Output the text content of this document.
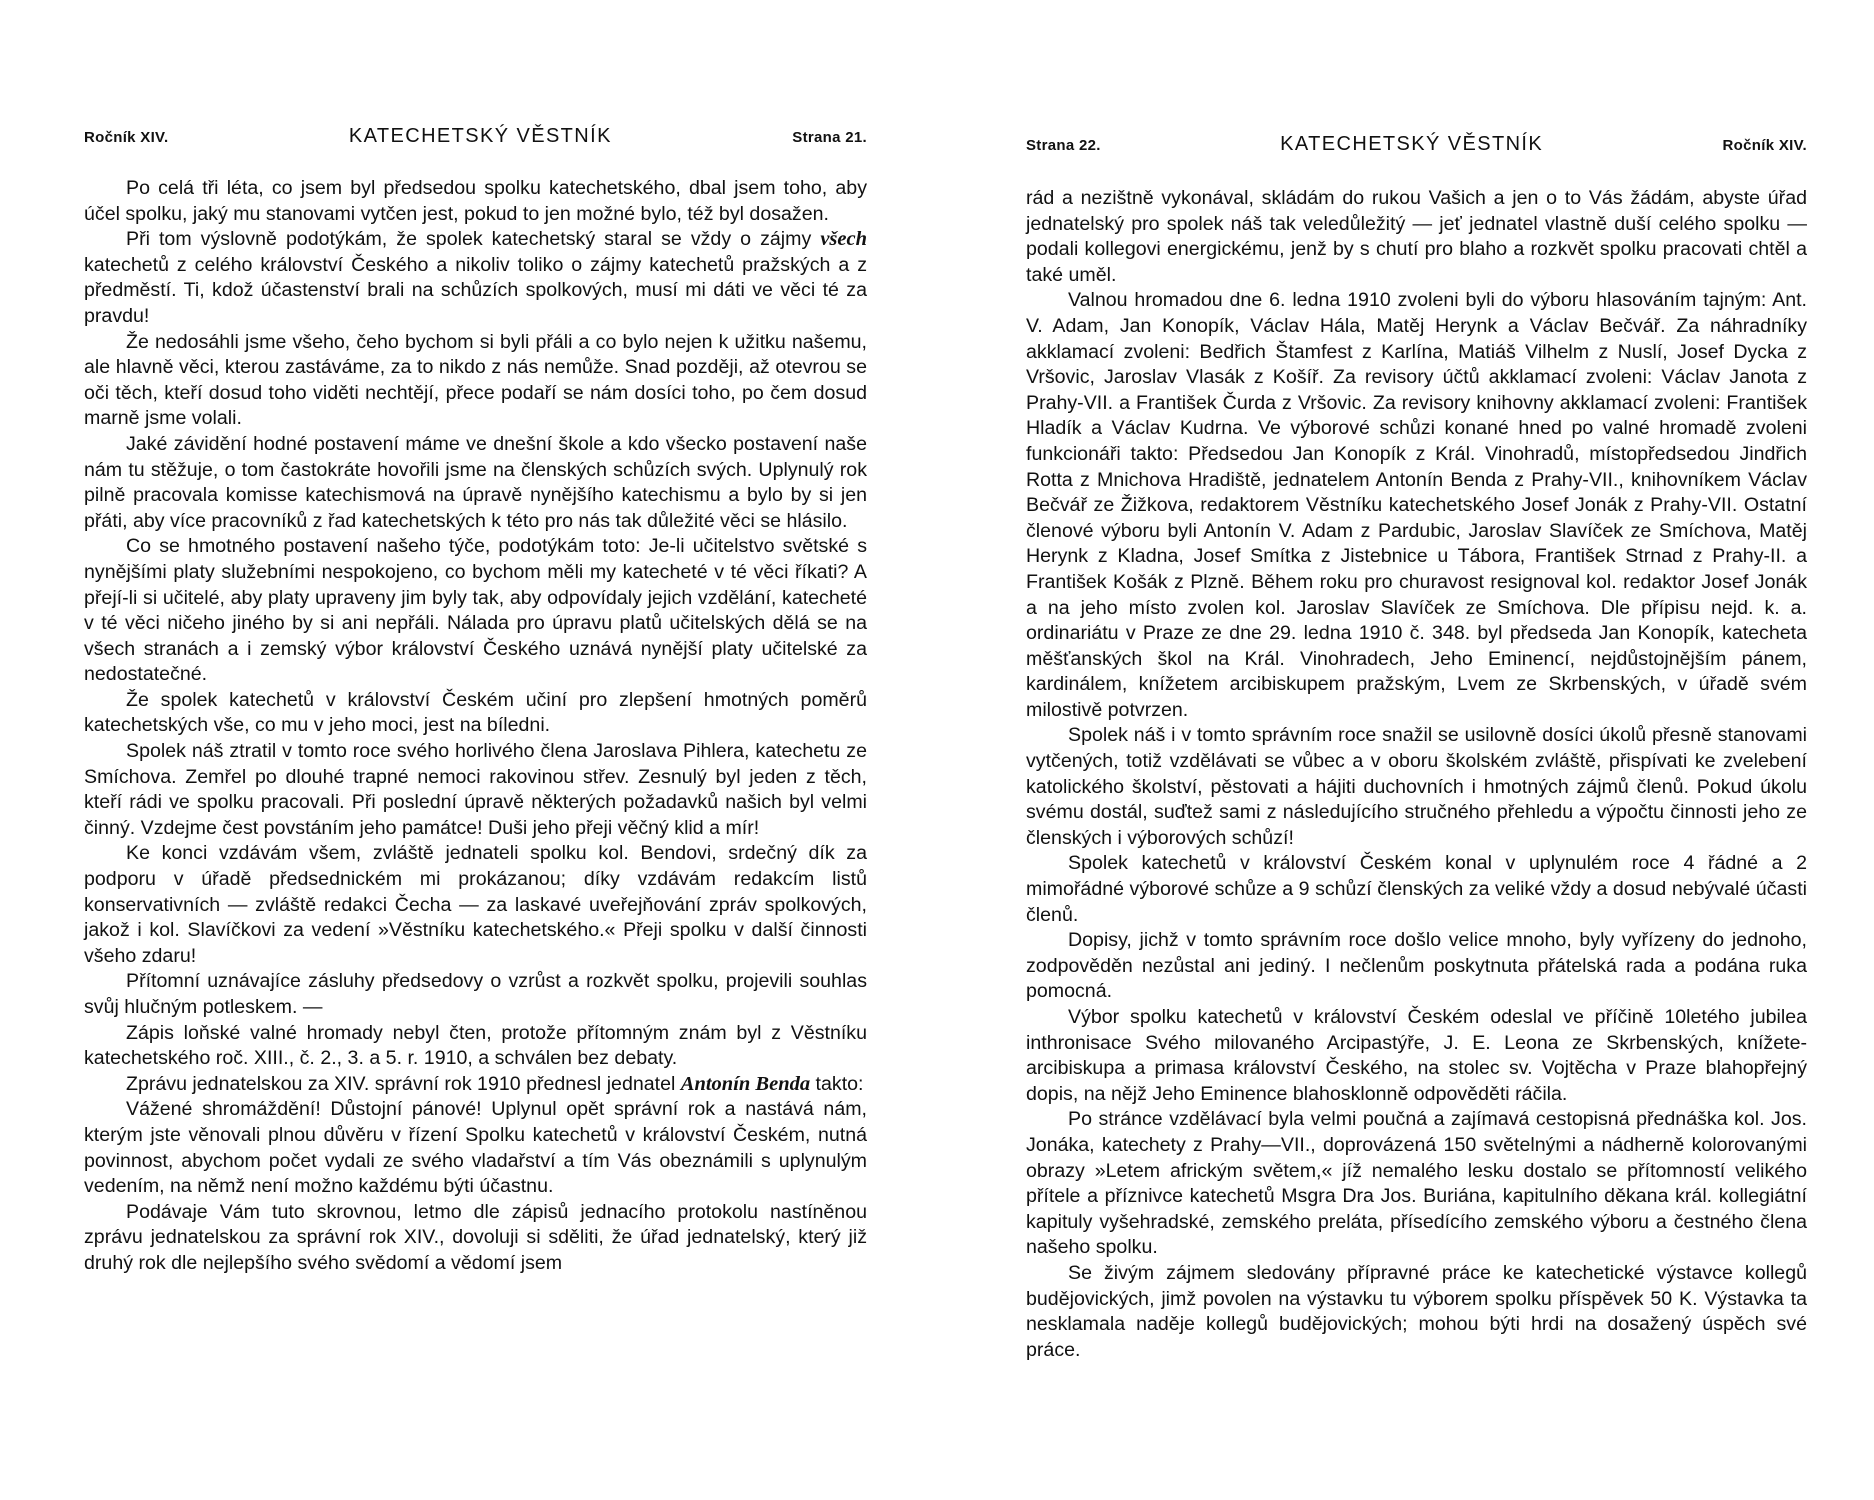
Ročník XIV.	KATECHETSKÝ VĚSTNÍK	Strana 21.

Po celá tři léta, co jsem byl předsedou spolku katechetského, dbal jsem toho, aby účel spolku, jaký mu stanovami vytčen jest, pokud to jen možné bylo, též byl dosažen.

Při tom výslovně podotýkám, že spolek katechetský staral se vždy o zájmy všech katechetů z celého království Českého a nikoliv toliko o zájmy katechetů pražských a z předměstí. Ti, kdož účastenství brali na schůzích spolkových, musí mi dáti ve věci té za pravdu!

Že nedosáhli jsme všeho, čeho bychom si byli přáli a co bylo nejen k užitku našemu, ale hlavně věci, kterou zastáváme, za to nikdo z nás nemůže. Snad později, až otevrou se oči těch, kteří dosud toho viděti nechtějí, přece podaří se nám dosíci toho, po čem dosud marně jsme volali.

Jaké závidění hodné postavení máme ve dnešní škole a kdo všecko postavení naše nám tu stěžuje, o tom častokráte hovořili jsme na členských schůzích svých. Uplynulý rok pilně pracovala komisse katechismová na úpravě nynějšího katechismu a bylo by si jen přáti, aby více pracovníků z řad katechetských k této pro nás tak důležité věci se hlásilo.

Co se hmotného postavení našeho týče, podotýkám toto: Je-li učitelstvo světské s nynějšími platy služebními nespokojeno, co bychom měli my katecheté v té věci říkati? A přejí-li si učitelé, aby platy upraveny jim byly tak, aby odpovídaly jejich vzdělání, katecheté v té věci ničeho jiného by si ani nepřáli. Nálada pro úpravu platů učitelských dělá se na všech stranách a i zemský výbor království Českého uznává nynější platy učitelské za nedostatečné.

Že spolek katechetů v království Českém učiní pro zlepšení hmotných poměrů katechetských vše, co mu v jeho moci, jest na bíledni.

Spolek náš ztratil v tomto roce svého horlivého člena Jaroslava Pihlera, katechetu ze Smíchova. Zemřel po dlouhé trapné nemoci rakovinou střev. Zesnulý byl jeden z těch, kteří rádi ve spolku pracovali. Při poslední úpravě některých požadavků našich byl velmi činný. Vzdejme čest povstáním jeho památce! Duši jeho přeji věčný klid a mír!

Ke konci vzdávám všem, zvláště jednateli spolku kol. Bendovi, srdečný dík za podporu v úřadě předsednickém mi prokázanou; díky vzdávám redakcím listů konservativních — zvláště redakci Čecha — za laskavé uveřejňování zpráv spolkových, jakož i kol. Slavíčkovi za vedení »Věstníku katechetského.« Přeji spolku v další činnosti všeho zdaru!

Přítomní uznávajíce zásluhy předsedovy o vzrůst a rozkvět spolku, projevili souhlas svůj hlučným potleskem. —

Zápis loňské valné hromady nebyl čten, protože přítomným znám byl z Věstníku katechetského roč. XIII., č. 2., 3. a 5. r. 1910, a schválen bez debaty.

Zprávu jednatelskou za XIV. správní rok 1910 přednesl jednatel Antonín Benda takto:

Vážené shromáždění! Důstojní pánové! Uplynul opět správní rok a nastává nám, kterým jste věnovali plnou důvěru v řízení Spolku katechetů v království Českém, nutná povinnost, abychom počet vydali ze svého vladařství a tím Vás obeznámili s uplynulým vedením, na němž není možno každému býti účastnu.

Podávaje Vám tuto skrovnou, letmo dle zápisů jednacího protokolu nastíněnou zprávu jednatelskou za správní rok XIV., dovoluji si sděliti, že úřad jednatelský, který již druhý rok dle nejlepšího svého svědomí a vědomí jsem

Strana 22.	KATECHETSKÝ VĚSTNÍK	Ročník XIV.

rád a nezištně vykonával, skládám do rukou Vašich a jen o to Vás žádám, abyste úřad jednatelský pro spolek náš tak veledůležitý — jeť jednatel vlastně duší celého spolku — podali kollegovi energickému, jenž by s chutí pro blaho a rozkvět spolku pracovati chtěl a také uměl.

Valnou hromadou dne 6. ledna 1910 zvoleni byli do výboru hlasováním tajným: Ant. V. Adam, Jan Konopík, Václav Hála, Matěj Herynk a Václav Bečvář. Za náhradníky akklamací zvoleni: Bedřich Štamfest z Karlína, Matiáš Vilhelm z Nuslí, Josef Dycka z Vršovic, Jaroslav Vlasák z Košíř. Za revisory účtů akklamací zvoleni: Václav Janota z Prahy-VII. a František Čurda z Vršovic. Za revisory knihovny akklamací zvoleni: František Hladík a Václav Kudrna. Ve výborové schůzi konané hned po valné hromadě zvoleni funkcionáři takto: Předsedou Jan Konopík z Král. Vinohradů, místopředsedou Jindřich Rotta z Mnichova Hradiště, jednatelem Antonín Benda z Prahy-VII., knihovníkem Václav Bečvář ze Žižkova, redaktorem Věstníku katechetského Josef Jonák z Prahy-VII. Ostatní členové výboru byli Antonín V. Adam z Pardubic, Jaroslav Slavíček ze Smíchova, Matěj Herynk z Kladna, Josef Smítka z Jistebnice u Tábora, František Strnad z Prahy-II. a František Košák z Plzně. Během roku pro churavost resignoval kol. redaktor Josef Jonák a na jeho místo zvolen kol. Jaroslav Slavíček ze Smíchova. Dle přípisu nejd. k. a. ordinariátu v Praze ze dne 29. ledna 1910 č. 348. byl předseda Jan Konopík, katecheta měšťanských škol na Král. Vinohradech, Jeho Eminencí, nejdůstojnějším pánem, kardinálem, knížetem arcibiskupem pražským, Lvem ze Skrbenských, v úřadě svém milostivě potvrzen.

Spolek náš i v tomto správním roce snažil se usilovně dosíci úkolů přesně stanovami vytčených, totiž vzdělávati se vůbec a v oboru školském zvláště, přispívati ke zvelebení katolického školství, pěstovati a hájiti duchovních i hmotných zájmů členů. Pokud úkolu svému dostál, suďtež sami z následujícího stručného přehledu a výpočtu činnosti jeho ze členských i výborových schůzí!

Spolek katechetů v království Českém konal v uplynulém roce 4 řádné a 2 mimořádné výborové schůze a 9 schůzí členských za veliké vždy a dosud nebývalé účasti členů.

Dopisy, jichž v tomto správním roce došlo velice mnoho, byly vyřízeny do jednoho, zodpověděn nezůstal ani jediný. I nečlenům poskytnuta přátelská rada a podána ruka pomocná.

Výbor spolku katechetů v království Českém odeslal ve příčině 10letého jubilea inthronisace Svého milovaného Arcipastýře, J. E. Leona ze Skrbenských, knížete-arcibiskupa a primasa království Českého, na stolec sv. Vojtěcha v Praze blahopřejný dopis, na nějž Jeho Eminence blahosklonně odpověděti ráčila.

Po stránce vzdělávací byla velmi poučná a zajímavá cestopisná přednáška kol. Jos. Jonáka, katechety z Prahy—VII., doprovázená 150 světelnými a nádherně kolorovanými obrazy »Letem africkým světem,« jíž nemalého lesku dostalo se přítomností velikého přítele a příznivce katechetů Msgra Dra Jos. Buriána, kapitulního děkana král. kollegiátní kapituly vyšehradské, zemského preláta, přísedícího zemského výboru a čestného člena našeho spolku.

Se živým zájmem sledovány přípravné práce ke katechetické výstavce kollegů budějovických, jimž povolen na výstavku tu výborem spolku příspěvek 50 K. Výstavka ta nesklamala naděje kollegů budějovických; mohou býti hrdi na dosažený úspěch své práce.
